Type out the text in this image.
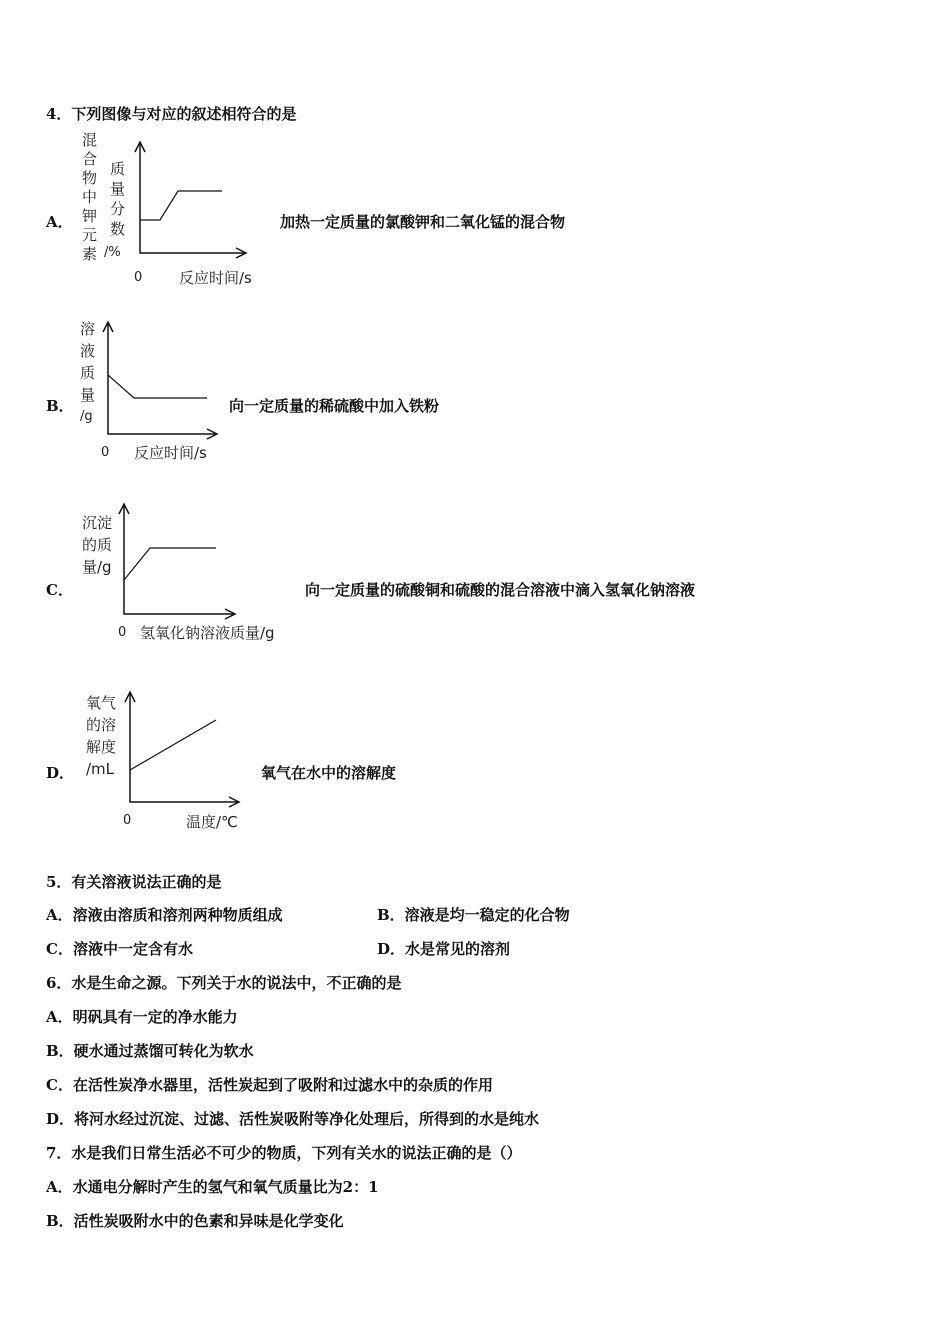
4．下列图像与对应的叙述相符合的是
A．
混
合
物
中
钾
元
素
质
量
分
数
/%
0 反应时间/s
加热一定质量的氯酸钾和二氧化锰的混合物
B．
溶
液
质
量
/g
0 反应时间/s
向一定质量的稀硫酸中加入铁粉
C．
沉淀
的质
量/g
0 氢氧化钠溶液质量/g
向一定质量的硫酸铜和硫酸的混合溶液中滴入氢氧化钠溶液
D．
氧气
的溶
解度
/mL
0	温度/℃
氧气在水中的溶解度
5．有关溶液说法正确的是
A．溶液由溶质和溶剂两种物质组成	B．溶液是均一稳定的化合物
C．溶液中一定含有水	D．水是常见的溶剂
6．水是生命之源。下列关于水的说法中，不正确的是
A．明矾具有一定的净水能力
B．硬水通过蒸馏可转化为软水
C．在活性炭净水器里，活性炭起到了吸附和过滤水中的杂质的作用
D．将河水经过沉淀、过滤、活性炭吸附等净化处理后，所得到的水是纯水
7．水是我们日常生活必不可少的物质，下列有关水的说法正确的是（）
A．水通电分解时产生的氢气和氧气质量比为2：1
B．活性炭吸附水中的色素和异味是化学变化
